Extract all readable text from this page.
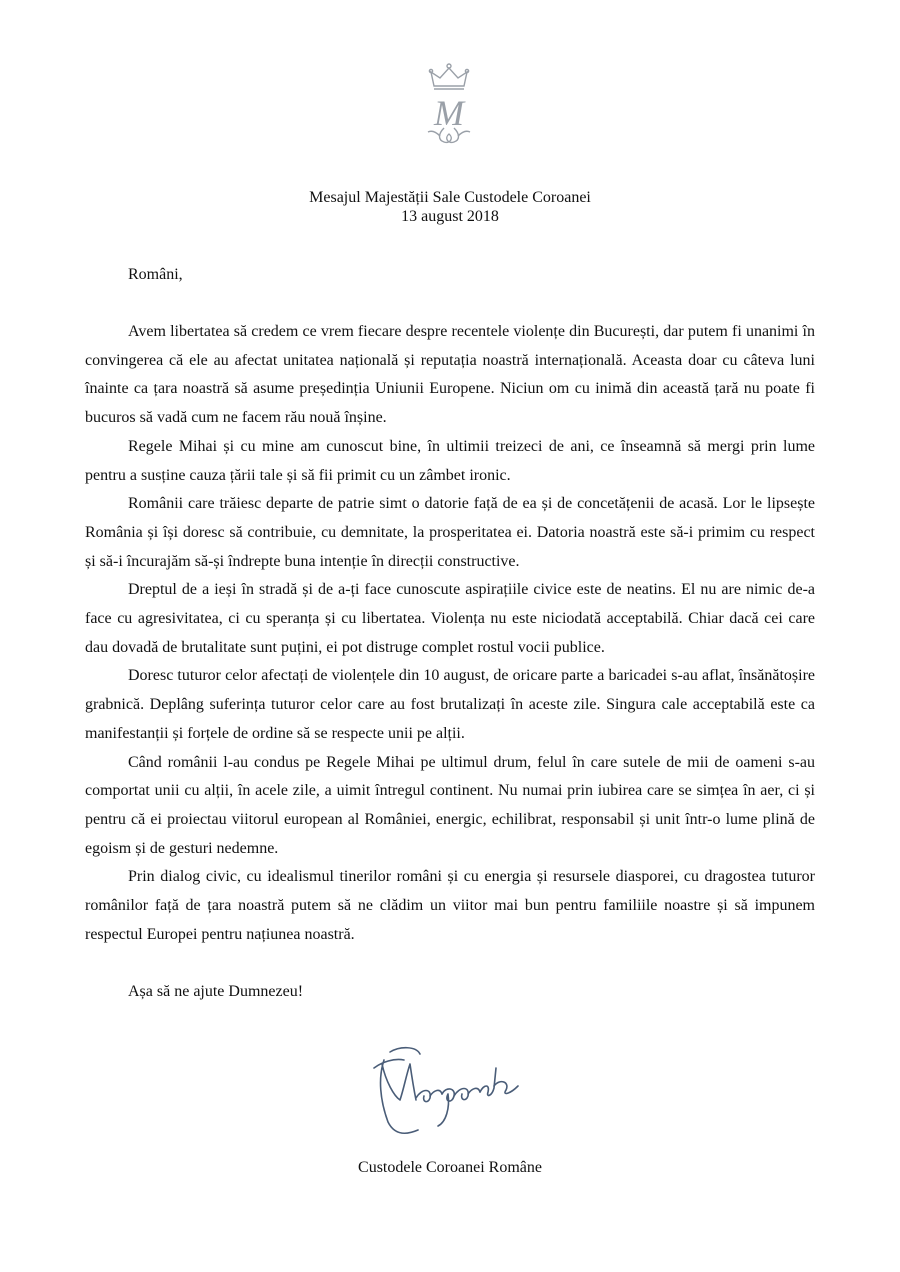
M
Mesajul Majestății Sale Custodele Coroanei
13 august 2018
Români,

Avem libertatea să credem ce vrem fiecare despre recentele violențe din București, dar putem fi unanimi în convingerea că ele au afectat unitatea națională și reputația noastră internațională. Aceasta doar cu câteva luni înainte ca țara noastră să asume președinția Uniunii Europene. Niciun om cu inimă din această țară nu poate fi bucuros să vadă cum ne facem rău nouă înșine.

Regele Mihai și cu mine am cunoscut bine, în ultimii treizeci de ani, ce înseamnă să mergi prin lume pentru a susține cauza țării tale și să fii primit cu un zâmbet ironic.

Românii care trăiesc departe de patrie simt o datorie față de ea și de concetățenii de acasă. Lor le lipsește România și își doresc să contribuie, cu demnitate, la prosperitatea ei. Datoria noastră este să-i primim cu respect și să-i încurajăm să-și îndrepte buna intenție în direcții constructive.

Dreptul de a ieși în stradă și de a-ți face cunoscute aspirațiile civice este de neatins. El nu are nimic de-a face cu agresivitatea, ci cu speranța și cu libertatea. Violența nu este niciodată acceptabilă. Chiar dacă cei care dau dovadă de brutalitate sunt puțini, ei pot distruge complet rostul vocii publice.

Doresc tuturor celor afectați de violențele din 10 august, de oricare parte a baricadei s-au aflat, însănătoșire grabnică. Deplâng suferința tuturor celor care au fost brutalizați în aceste zile. Singura cale acceptabilă este ca manifestanții și forțele de ordine să se respecte unii pe alții.

Când românii l-au condus pe Regele Mihai pe ultimul drum, felul în care sutele de mii de oameni s-au comportat unii cu alții, în acele zile, a uimit întregul continent. Nu numai prin iubirea care se simțea în aer, ci și pentru că ei proiectau viitorul european al României, energic, echilibrat, responsabil și unit într-o lume plină de egoism și de gesturi nedemne.

Prin dialog civic, cu idealismul tinerilor români și cu energia și resursele diasporei, cu dragostea tuturor românilor față de țara noastră putem să ne clădim un viitor mai bun pentru familiile noastre și să impunem respectul Europei pentru națiunea noastră.

Așa să ne ajute Dumnezeu!
Custodele Coroanei Române
